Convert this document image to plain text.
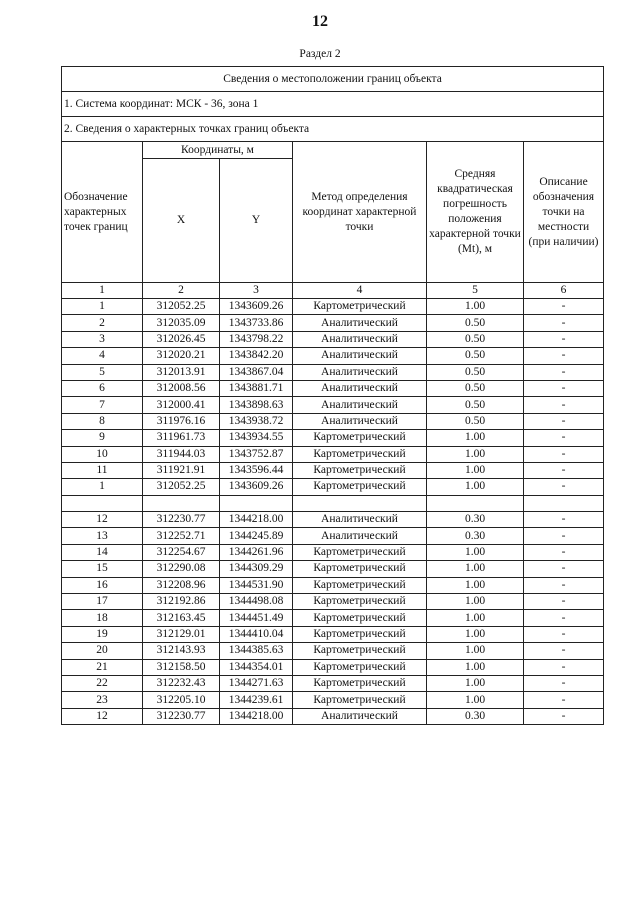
12
Раздел 2
Сведения о местоположении границ объекта					
1. Система координат: МСК - 36, зона 1					
2. Сведения о характерных точках границ объекта					
Обозначение характерных точек границ	Координаты, м		Метод определения координат характерной точки	Средняя квадратическая погрешность положения характерной точки (Mt), м	Описание обозначения точки на местности (при наличии)
	X	Y			
1	2	3	4	5	6
1	312052.25	1343609.26	Картометрический	1.00	-
2	312035.09	1343733.86	Аналитический	0.50	-
3	312026.45	1343798.22	Аналитический	0.50	-
4	312020.21	1343842.20	Аналитический	0.50	-
5	312013.91	1343867.04	Аналитический	0.50	-
6	312008.56	1343881.71	Аналитический	0.50	-
7	312000.41	1343898.63	Аналитический	0.50	-
8	311976.16	1343938.72	Аналитический	0.50	-
9	311961.73	1343934.55	Картометрический	1.00	-
10	311944.03	1343752.87	Картометрический	1.00	-
11	311921.91	1343596.44	Картометрический	1.00	-
1	312052.25	1343609.26	Картометрический	1.00	-

12	312230.77	1344218.00	Аналитический	0.30	-
13	312252.71	1344245.89	Аналитический	0.30	-
14	312254.67	1344261.96	Картометрический	1.00	-
15	312290.08	1344309.29	Картометрический	1.00	-
16	312208.96	1344531.90	Картометрический	1.00	-
17	312192.86	1344498.08	Картометрический	1.00	-
18	312163.45	1344451.49	Картометрический	1.00	-
19	312129.01	1344410.04	Картометрический	1.00	-
20	312143.93	1344385.63	Картометрический	1.00	-
21	312158.50	1344354.01	Картометрический	1.00	-
22	312232.43	1344271.63	Картометрический	1.00	-
23	312205.10	1344239.61	Картометрический	1.00	-
12	312230.77	1344218.00	Аналитический	0.30	-
